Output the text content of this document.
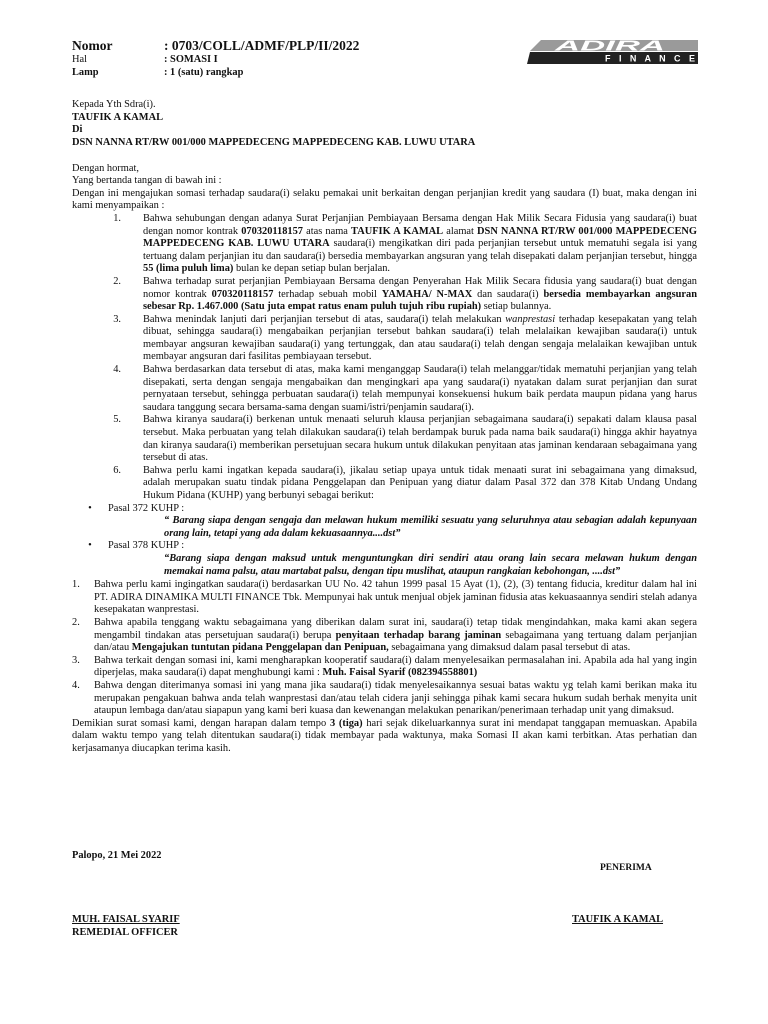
ADIRA
F I N A N C E
Nomor	: 0703/COLL/ADMF/PLP/II/2022
Hal	: SOMASI I
Lamp	: 1 (satu) rangkap
Kepada Yth Sdra(i).
TAUFIK A KAMAL
Di
DSN NANNA RT/RW 001/000 MAPPEDECENG MAPPEDECENG KAB. LUWU UTARA
Dengan hormat,
Yang bertanda tangan di bawah ini :
Dengan ini mengajukan somasi terhadap saudara(i) selaku pemakai unit berkaitan dengan perjanjian kredit yang saudara (I) buat, maka dengan ini kami menyampaikan :
1.	Bahwa sehubungan dengan adanya Surat Perjanjian Pembiayaan Bersama dengan Hak Milik Secara Fidusia yang saudara(i) buat dengan nomor kontrak 070320118157 atas nama TAUFIK A KAMAL alamat DSN NANNA RT/RW 001/000 MAPPEDECENG MAPPEDECENG KAB. LUWU UTARA saudara(i) mengikatkan diri pada perjanjian tersebut untuk mematuhi segala isi yang tertuang dalam perjanjian itu dan saudara(i) bersedia membayarkan angsuran yang telah disepakati dalam perjanjian tersebut, hingga 55 (lima puluh lima) bulan ke depan setiap bulan berjalan.
2.	Bahwa terhadap surat perjanjian Pembiayaan Bersama dengan Penyerahan Hak Milik Secara fidusia yang saudara(i) buat dengan nomor kontrak 070320118157 terhadap sebuah mobil YAMAHA/ N-MAX dan saudara(i) bersedia membayarkan angsuran sebesar Rp. 1.467.000 (Satu juta empat ratus enam puluh tujuh ribu rupiah) setiap bulannya.
3.	Bahwa menindak lanjuti dari perjanjian tersebut di atas, saudara(i) telah melakukan wanprestasi terhadap kesepakatan yang telah dibuat, sehingga saudara(i) mengabaikan perjanjian tersebut bahkan saudara(i) telah melalaikan kewajiban saudara(i) untuk membayar angsuran kewajiban saudara(i) yang tertunggak, dan atau saudara(i) telah dengan sengaja melalaikan kewajiban untuk membayar angsuran dari fasilitas pembiayaan tersebut.
4.	Bahwa berdasarkan data tersebut di atas, maka kami menganggap Saudara(i) telah melanggar/tidak mematuhi perjanjian yang telah disepakati, serta dengan sengaja mengabaikan dan mengingkari apa yang saudara(i) nyatakan dalam surat perjanjian dan surat pernyataan tersebut, sehingga perbuatan saudara(i) telah mempunyai konsekuensi hukum baik perdata maupun pidana yang harus saudara tanggung secara bersama-sama dengan suami/istri/penjamin saudara(i).
5.	Bahwa kiranya saudara(i) berkenan untuk menaati seluruh klausa perjanjian sebagaimana saudara(i) sepakati dalam klausa pasal tersebut. Maka perbuatan yang telah dilakukan saudara(i) telah berdampak buruk pada nama baik saudara(i) hingga akhir hayatnya dan kiranya saudara(i) memberikan persetujuan secara hukum untuk dilakukan penyitaan atas jaminan kendaraan sebagaimana yang tersebut di atas.
6.	Bahwa perlu kami ingatkan kepada saudara(i), jikalau setiap upaya untuk tidak menaati surat ini sebagaimana yang dimaksud, adalah merupakan suatu tindak pidana Penggelapan dan Penipuan yang diatur dalam Pasal 372 dan 378 Kitab Undang Undang Hukum Pidana (KUHP) yang berbunyi sebagai berikut:
•	Pasal 372 KUHP :
“ Barang siapa dengan sengaja dan melawan hukum memiliki sesuatu yang seluruhnya atau sebagian adalah kepunyaan orang lain, tetapi yang ada dalam kekuasaannya....dst”
•	Pasal 378 KUHP :
“Barang siapa dengan maksud untuk menguntungkan diri sendiri atau orang lain secara melawan hukum dengan memakai nama palsu, atau martabat palsu, dengan tipu muslihat, ataupun rangkaian kebohongan, ....dst”
1.	Bahwa perlu kami ingingatkan saudara(i) berdasarkan UU No. 42 tahun 1999 pasal 15 Ayat (1), (2), (3) tentang fiducia, kreditur dalam hal ini PT. ADIRA DINAMIKA MULTI FINANCE Tbk. Mempunyai hak untuk menjual objek jaminan fidusia atas kekuasaannya sendiri stelah adanya kesepakatan wanprestasi.
2.	Bahwa apabila tenggang waktu sebagaimana yang diberikan dalam surat ini, saudara(i) tetap tidak mengindahkan, maka kami akan segera mengambil tindakan atas persetujuan saudara(i) berupa penyitaan terhadap barang jaminan sebagaimana yang tertuang dalam perjanjian dan/atau Mengajukan tuntutan pidana Penggelapan dan Penipuan, sebagaimana yang dimaksud dalam pasal tersebut di atas.
3.	Bahwa terkait dengan somasi ini, kami mengharapkan kooperatif saudara(i) dalam menyelesaikan permasalahan ini. Apabila ada hal yang ingin diperjelas, maka saudara(i) dapat menghubungi kami : Muh. Faisal Syarif (082394558801)
4.	Bahwa dengan diterimanya somasi ini yang mana jika saudara(i) tidak menyelesaikannya sesuai batas waktu yg telah kami berikan maka itu merupakan pengakuan bahwa anda telah wanprestasi dan/atau telah cidera janji sehingga pihak kami secara hukum sudah berhak menyita unit ataupun lembaga dan/atau siapapun yang kami beri kuasa dan kewenangan melakukan penarikan/penerimaan terhadap unit yang dimaksud.
Demikian surat somasi kami, dengan harapan dalam tempo 3 (tiga) hari sejak dikeluarkannya surat ini mendapat tanggapan memuaskan. Apabila dalam waktu tempo yang telah ditentukan saudara(i) tidak membayar pada waktunya, maka Somasi II akan kami terbitkan. Atas perhatian dan kerjasamanya diucapkan terima kasih.
Palopo, 21 Mei 2022
PENERIMA
MUH. FAISAL SYARIF
REMEDIAL OFFICER
TAUFIK A KAMAL
